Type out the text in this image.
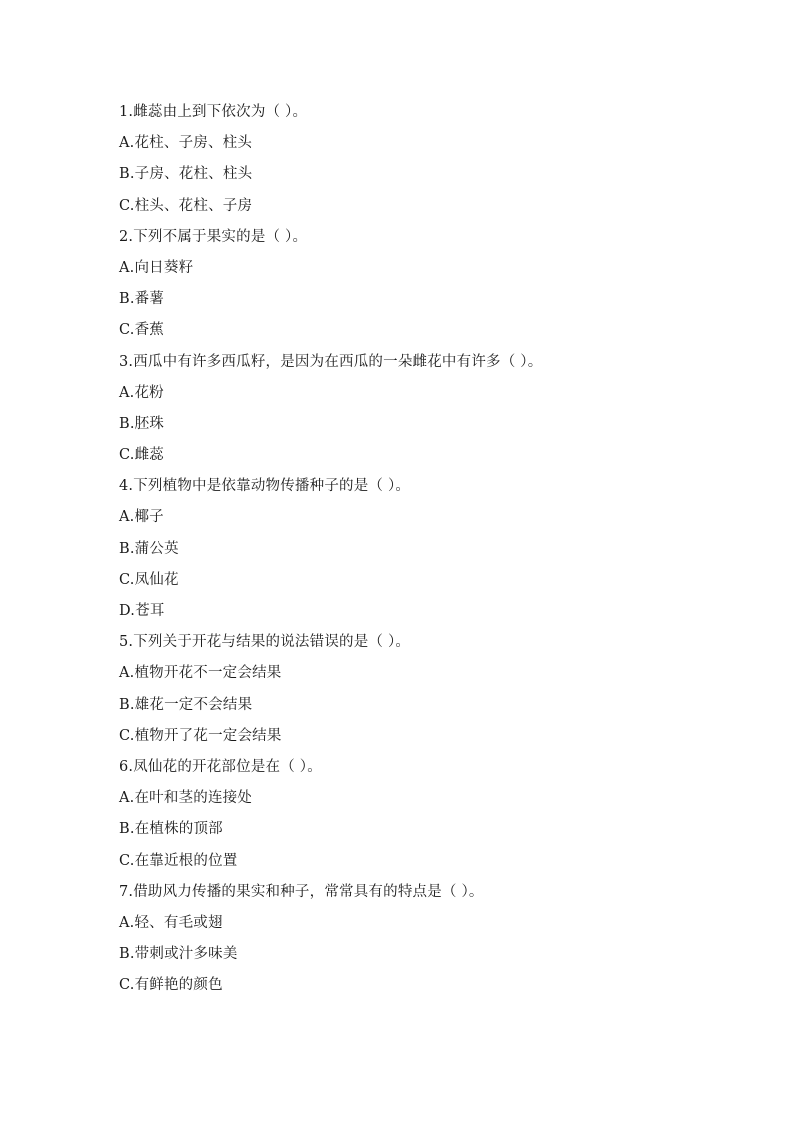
1.雌蕊由上到下依次为（ ）。
A.花柱、子房、柱头
B.子房、花柱、柱头
C.柱头、花柱、子房
2.下列不属于果实的是（ ）。
A.向日葵籽
B.番薯
C.香蕉
3.西瓜中有许多西瓜籽，是因为在西瓜的一朵雌花中有许多（ ）。
A.花粉
B.胚珠
C.雌蕊
4.下列植物中是依靠动物传播种子的是（ ）。
A.椰子
B.蒲公英
C.凤仙花
D.苍耳
5.下列关于开花与结果的说法错误的是（ ）。
A.植物开花不一定会结果
B.雄花一定不会结果
C.植物开了花一定会结果
6.凤仙花的开花部位是在（ ）。
A.在叶和茎的连接处
B.在植株的顶部
C.在靠近根的位置
7.借助风力传播的果实和种子，常常具有的特点是（ ）。
A.轻、有毛或翅
B.带刺或汁多味美
C.有鲜艳的颜色
